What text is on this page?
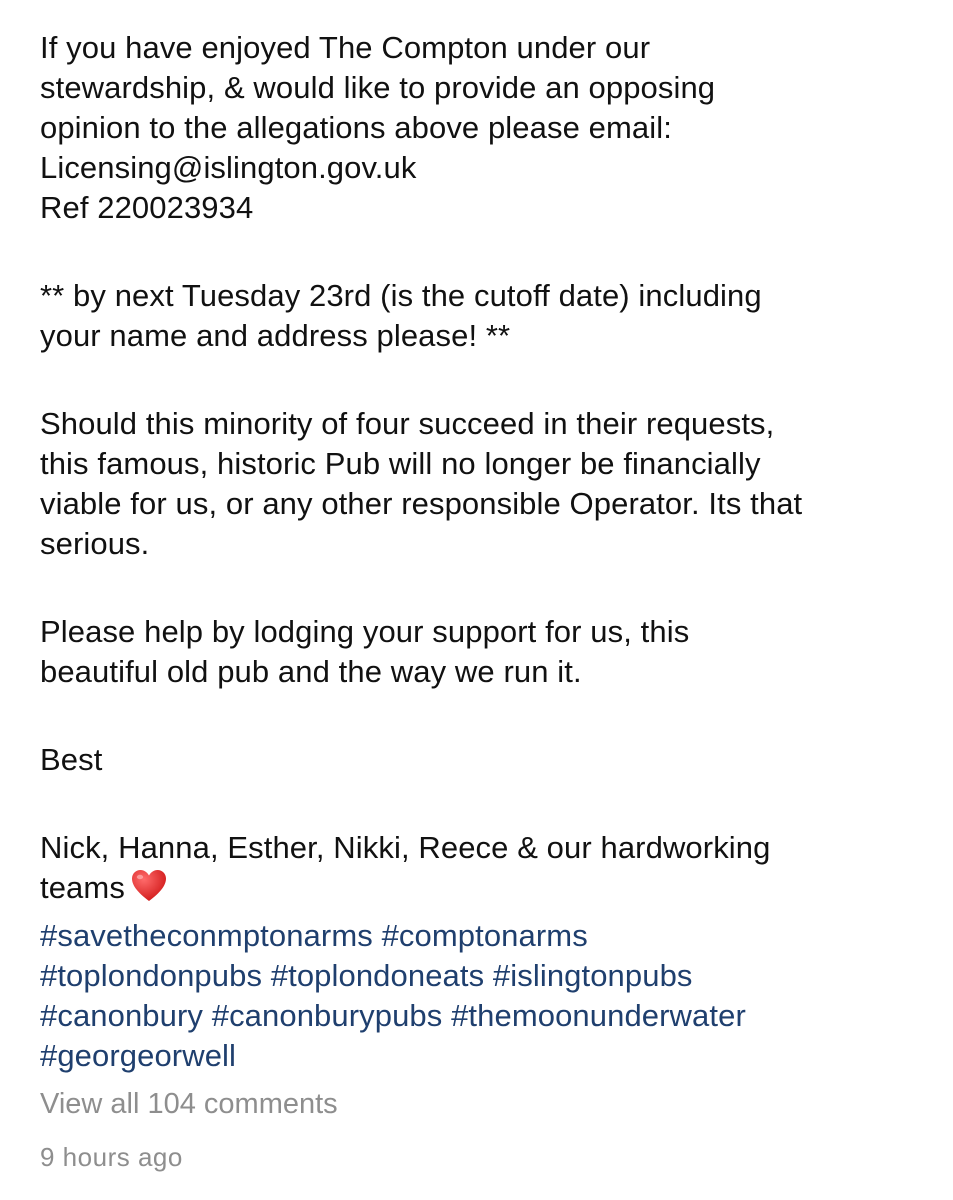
If you have enjoyed The Compton under our
stewardship, & would like to provide an opposing
opinion to the allegations above please email:
Licensing@islington.gov.uk
Ref 220023934
** by next Tuesday 23rd (is the cutoff date) including
your name and address please! **
Should this minority of four succeed in their requests,
this famous, historic Pub will no longer be financially
viable for us, or any other responsible Operator. Its that
serious.
Please help by lodging your support for us, this
beautiful old pub and the way we run it.
Best
Nick, Hanna, Esther, Nikki, Reece & our hardworking
teams
#savetheconmptonarms #comptonarms
#toplondonpubs #toplondoneats #islingtonpubs
#canonbury #canonburypubs #themoonunderwater
#georgeorwell
View all 104 comments
9 hours ago
